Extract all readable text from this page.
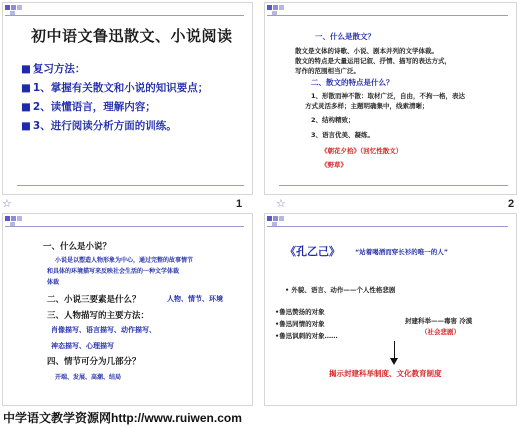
初中语文鲁迅散文、小说阅读
■ 复习方法：
■ 1、掌握有关散文和小说的知识要点；
■ 2、读懂语言，理解内容；
■ 3、进行阅读分析方面的训练。
☆	1
一、什么是散文？
散文是文体的诗歌、小说、剧本并列的文学体裁。
散文的特点是大量运用记叙、抒情、描写的表达方式，
写作的范围相当广泛。
二、散文的特点是什么？
1、形散而神不散：取材广泛，自由，不拘一格，表达
方式灵活多样；主题明确集中，线索清晰；
2、结构精致；
3、语言优美、凝练。
《朝花夕拾》（回忆性散文）
《野草》
☆	2
一、什么是小说？
小说是以塑造人物形象为中心，通过完整的故事情节
和具体的环境描写来反映社会生活的一种文学体裁
体裁
二、小说三要素是什么？	人物、情节、环境
三、人物描写的主要方法：
肖像描写、语言描写、动作描写、
神态描写、心理描写
四、情节可分为几部分？
开端、发展、高潮、结局
《孔乙己》 “站着喝酒而穿长衫的唯一的人”
• 外貌、语言、动作——个人性格悲剧
•鲁迅赞扬的对象
•鲁迅同情的对象
•鲁迅讽刺的对象……
封建科举——毒害 冷漠
（社会悲剧）
揭示封建科举制度、文化教育制度
中学语文教学资源网http://www.ruiwen.com
